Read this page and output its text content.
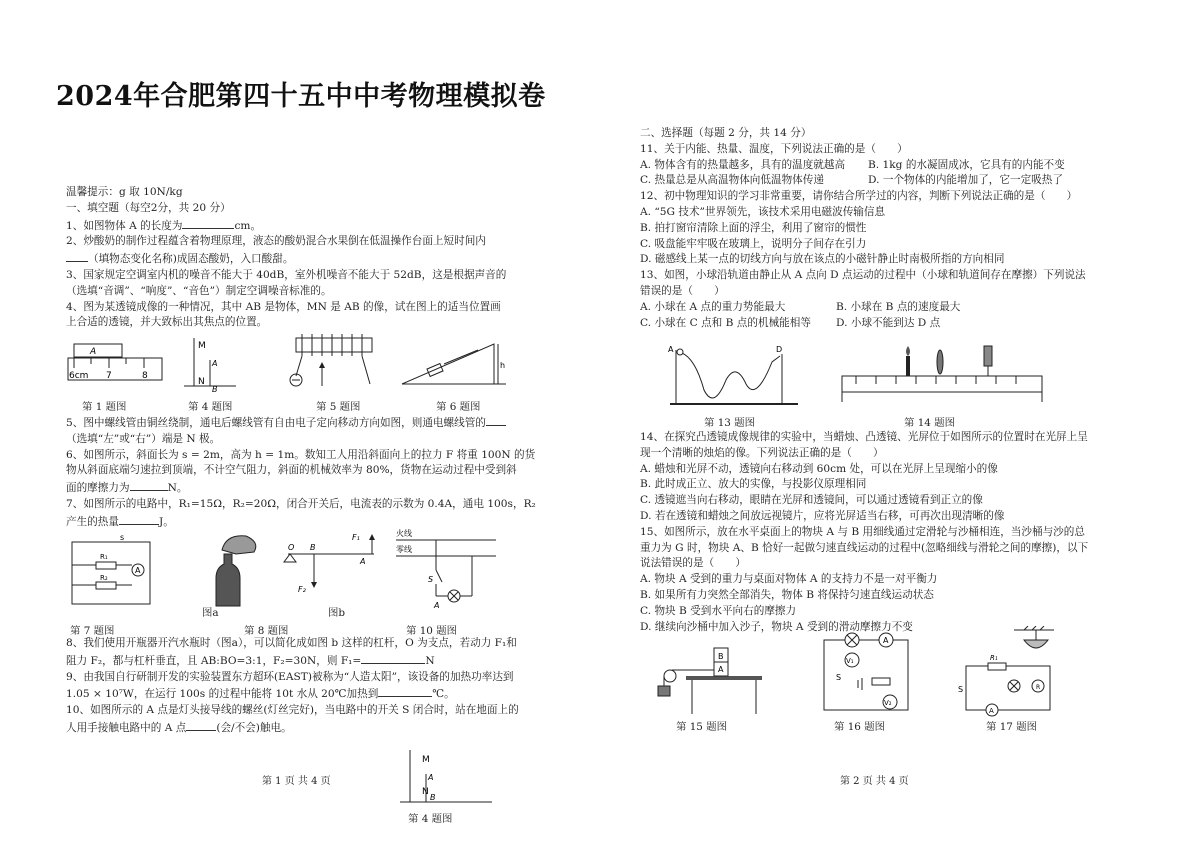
2024年合肥第四十五中中考物理模拟卷

温馨提示：g 取 10N/kg

一、填空题（每空2分，共 20 分）

1、如图物体 A 的长度为	cm。

2、炒酸奶的制作过程蕴含着物理原理，液态的酸奶混合水果倒在低温操作台面上短时间内

（填物态变化名称)成固态酸奶，入口酸甜。

3、国家规定空调室内机的噪音不能大于 40dB，室外机噪音不能大于 52dB，这是根据声音的

（选填“音调”、“响度”、“音色”）制定空调噪音标准的。

4、图为某透镜成像的一种情况，其中 AB 是物体，MN 是 AB 的像，试在图上的适当位置画

上合适的透镜，并大致标出其焦点的位置。

A
6cm 7	8
第 1 题图
M
A
N
B
第 4 题图	第 5 题图
h
第 6 题图

5、图中螺线管由铜丝绕制，通电后螺线管有自由电子定向移动方向如图，则通电螺线管的

（选填“左”或“右”）端是 N 极。

6、如图所示，斜面长为 s = 2m，高为 h = 1m。数知工人用沿斜面向上的拉力 F 将重 100N 的货

物从斜面底端匀速拉到顶端，不计空气阻力，斜面的机械效率为 80%，货物在运动过程中受到斜

面的摩擦力为	N。

7、如图所示的电路中，R₁=15Ω，R₂=20Ω，闭合开关后，电流表的示数为 0.4A，通电 100s，R₂

产生的热量	J。

A
R₁
R₂
s
第 7 题图
图a
O B
A
F₁
F₂
图b
第 8 题图
火线
零线
S
A
第 10 题图

8、我们使用开瓶器开汽水瓶时（图a），可以简化成如图 b 这样的杠杆，O 为支点，若动力 F₁和

阻力 F₂，都与杠杆垂直，且 AB:BO=3:1，F₂=30N，则 F₁=	N

9、由我国自行研制开发的实验装置东方超环(EAST)被称为“人造太阳”，该设备的加热功率达到

1.05 × 10⁷W，在运行 100s 的过程中能将 10t 水从 20℃加热到	℃。

10、如图所示的 A 点是灯头接导线的螺丝(灯丝完好)，当电路中的开关 S 闭合时，站在地面上的

人用手接触电路中的 A 点	(会/不会)触电。

M
A
N
B
第 1 页 共 4 页
第 4 题图

二、选择题（每题 2 分，共 14 分）

11、关于内能、热量、温度，下列说法正确的是（　　）

A. 物体含有的热量越多，具有的温度就越高 B. 1kg 的水凝固成冰，它具有的内能不变

C. 热量总是从高温物体向低温物体传递	D. 一个物体的内能增加了，它一定吸热了

12、初中物理知识的学习非常重要，请你结合所学过的内容，判断下列说法正确的是（　　）

A. “5G 技术”世界领先，该技术采用电磁波传输信息

B. 拍打窗帘清除上面的浮尘，利用了窗帘的惯性

C. 吸盘能牢牢吸在玻璃上，说明分子间存在引力

D. 磁感线上某一点的切线方向与放在该点的小磁针静止时南极所指的方向相同

13、如图，小球沿轨道由静止从 A 点向 D 点运动的过程中（小球和轨道间存在摩擦）下列说法

错误的是（　　）

A. 小球在 A 点的重力势能最大	B. 小球在 B 点的速度最大

C. 小球在 C 点和 B 点的机械能相等 D. 小球不能到达 D 点

A	D
第 13 题图	第 14 题图

14、在探究凸透镜成像规律的实验中，当蜡烛、凸透镜、光屏位于如图所示的位置时在光屏上呈

现一个清晰的烛焰的像。下列说法正确的是（　　）

A. 蜡烛和光屏不动，透镜向右移动到 60cm 处，可以在光屏上呈现缩小的像

B. 此时成正立、放大的实像，与投影仪原理相同

C. 透镜遮当向右移动，眼睛在光屏和透镜间，可以通过透镜看到正立的像

D. 若在透镜和蜡烛之间放远视镜片，应将光屏适当右移，可再次出现清晰的像

15、如图所示，放在水平桌面上的物块 A 与 B 用细线通过定滑轮与沙桶相连，当沙桶与沙的总

重力为 G 时，物块 A、B 恰好一起做匀速直线运动的过程中(忽略细线与滑轮之间的摩擦)，以下

说法错误的是（　　）

A. 物块 A 受到的重力与桌面对物体 A 的支持力不是一对平衡力

B. 如果所有力突然全部消失，物体 B 将保持匀速直线运动状态

C. 物块 B 受到水平向右的摩擦力

D. 继续向沙桶中加入沙子，物块 A 受到的滑动摩擦力不变

A
B
第 15 题图
A
V₁
V₂
S
第 16 题图
R₁
R
A
S
第 17 题图
第 2 页 共 4 页
